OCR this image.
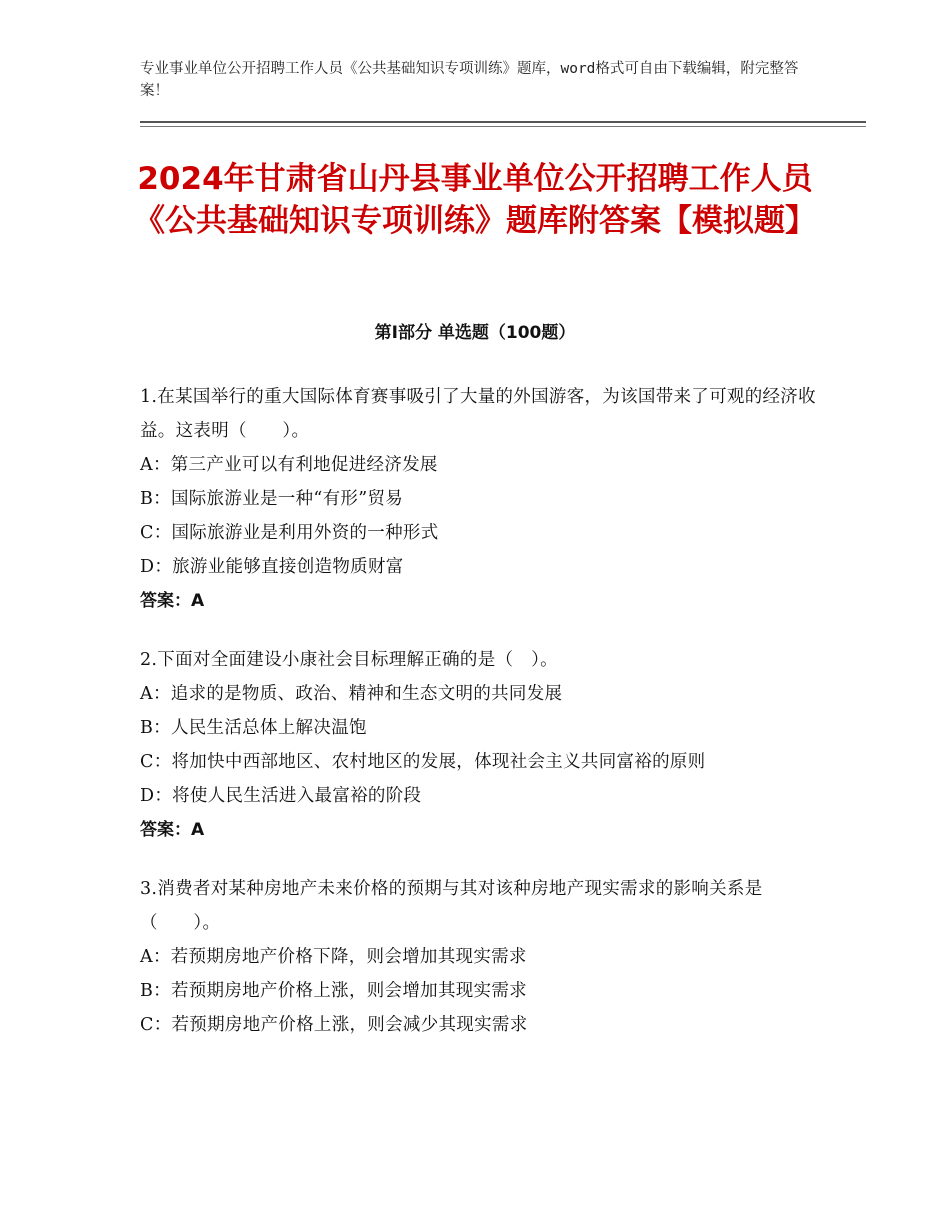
专业事业单位公开招聘工作人员《公共基础知识专项训练》题库，word格式可自由下载编辑，附完整答案！
2024年甘肃省山丹县事业单位公开招聘工作人员《公共基础知识专项训练》题库附答案【模拟题】
第Ⅰ部分 单选题（100题）
1.在某国举行的重大国际体育赛事吸引了大量的外国游客，为该国带来了可观的经济收益。这表明（　　）。
A：第三产业可以有利地促进经济发展
B：国际旅游业是一种“有形”贸易
C：国际旅游业是利用外资的一种形式
D：旅游业能够直接创造物质财富
答案：A
2.下面对全面建设小康社会目标理解正确的是（　）。
A：追求的是物质、政治、精神和生态文明的共同发展
B：人民生活总体上解决温饱
C：将加快中西部地区、农村地区的发展，体现社会主义共同富裕的原则
D：将使人民生活进入最富裕的阶段
答案：A
3.消费者对某种房地产未来价格的预期与其对该种房地产现实需求的影响关系是（　　）。
A：若预期房地产价格下降，则会增加其现实需求
B：若预期房地产价格上涨，则会增加其现实需求
C：若预期房地产价格上涨，则会减少其现实需求
